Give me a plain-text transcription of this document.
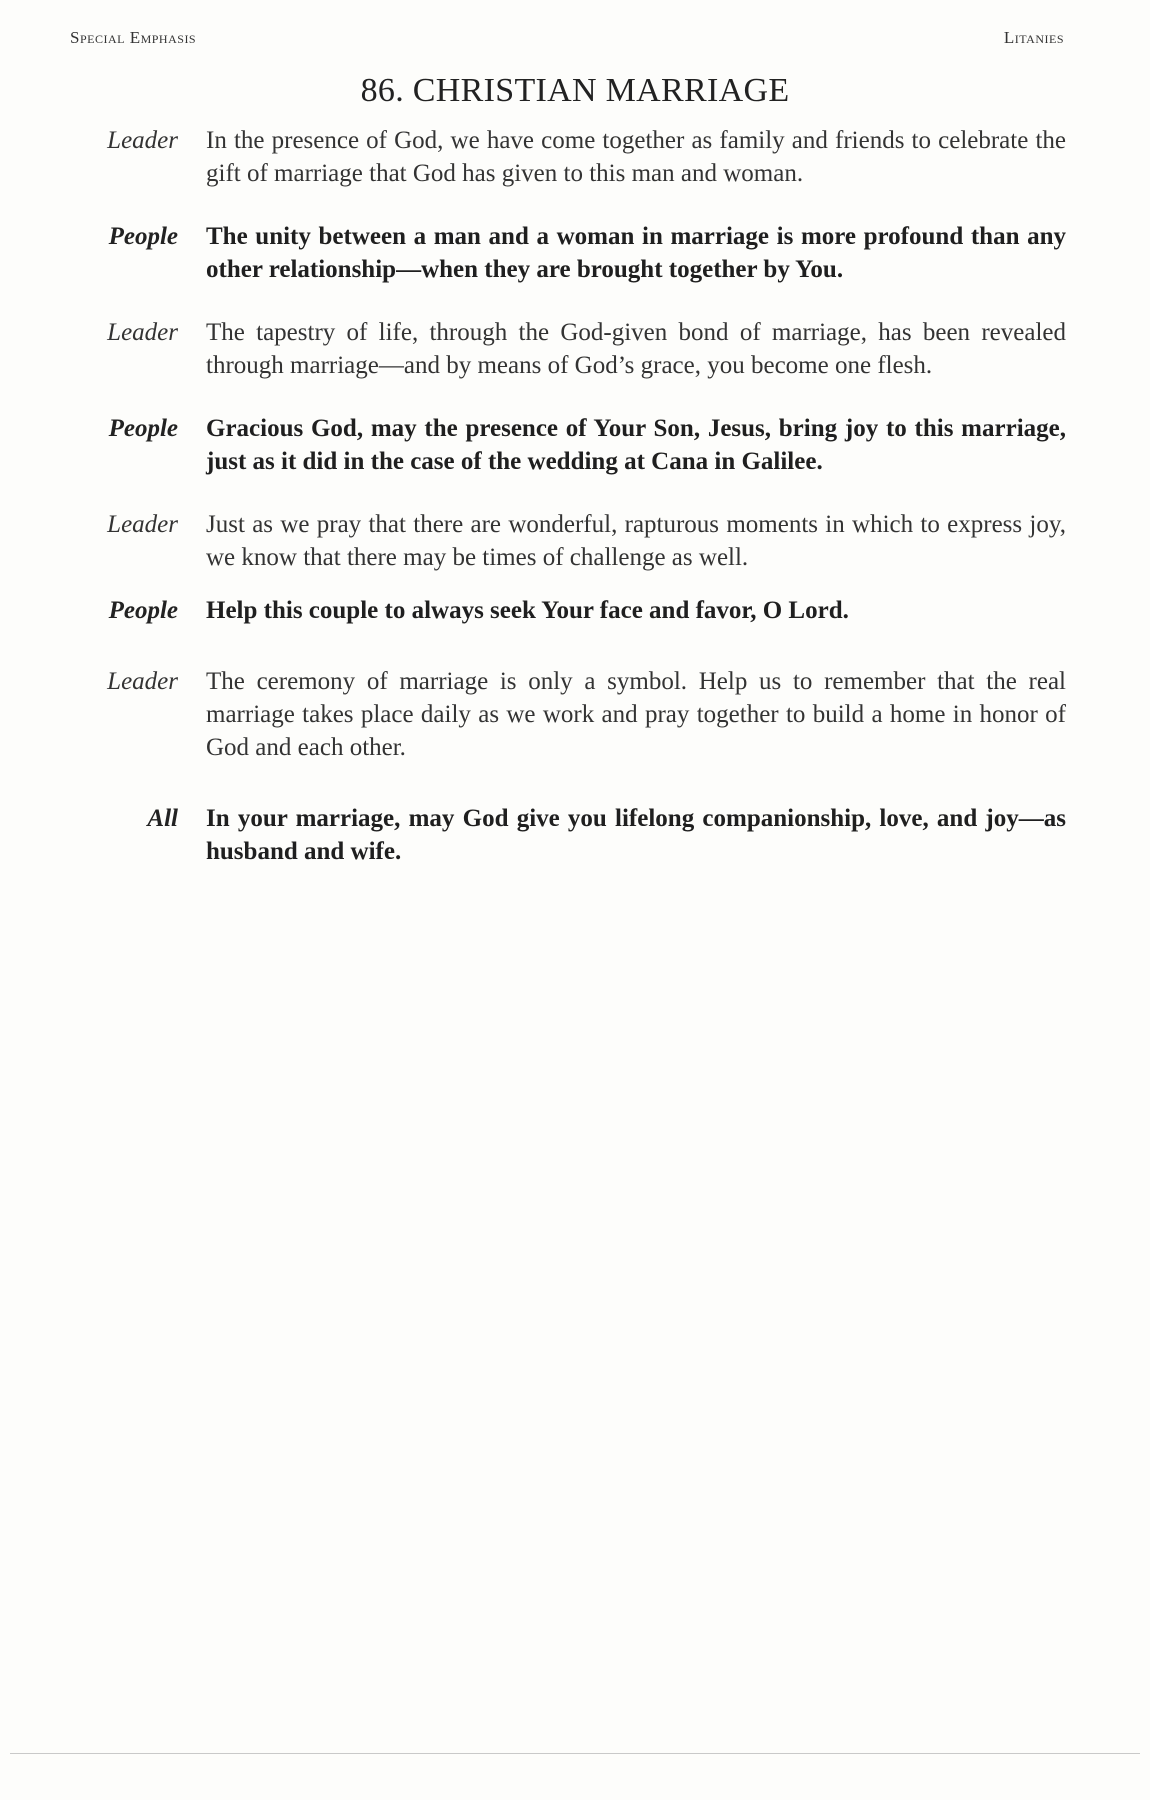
Special Emphasis	Litanies
86. CHRISTIAN MARRIAGE
Leader	In the presence of God, we have come together as family and friends to celebrate the gift of marriage that God has given to this man and woman.
People	The unity between a man and a woman in marriage is more profound than any other relationship—when they are brought together by You.
Leader	The tapestry of life, through the God-given bond of marriage, has been revealed through marriage—and by means of God’s grace, you become one flesh.
People	Gracious God, may the presence of Your Son, Jesus, bring joy to this marriage, just as it did in the case of the wedding at Cana in Galilee.
Leader	Just as we pray that there are wonderful, rapturous moments in which to express joy, we know that there may be times of challenge as well.
People	Help this couple to always seek Your face and favor, O Lord.
Leader	The ceremony of marriage is only a symbol. Help us to remember that the real marriage takes place daily as we work and pray together to build a home in honor of God and each other.
All	In your marriage, may God give you lifelong companionship, love, and joy—as husband and wife.
